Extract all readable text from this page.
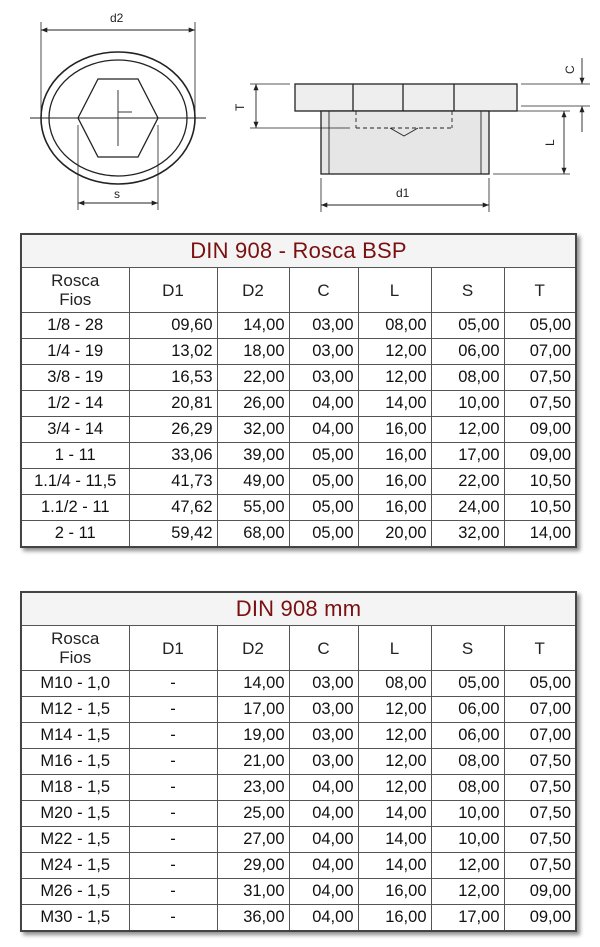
d2
s
T
C
L
d1
DIN 908 - Rosca BSP						

Rosca
Fios	D1	D2	C	L	S	T
1/8 - 28	09,60	14,00	03,00	08,00	05,00	05,00
1/4 - 19	13,02	18,00	03,00	12,00	06,00	07,00
3/8 - 19	16,53	22,00	03,00	12,00	08,00	07,50
1/2 - 14	20,81	26,00	04,00	14,00	10,00	07,50
3/4 - 14	26,29	32,00	04,00	16,00	12,00	09,00
1 - 11	33,06	39,00	05,00	16,00	17,00	09,00
1.1/4 - 11,5	41,73	49,00	05,00	16,00	22,00	10,50
1.1/2 - 11	47,62	55,00	05,00	16,00	24,00	10,50
2 - 11	59,42	68,00	05,00	20,00	32,00	14,00
DIN 908 mm						

Rosca
Fios	D1	D2	C	L	S	T
M10 - 1,0	-	14,00	03,00	08,00	05,00	05,00
M12 - 1,5	-	17,00	03,00	12,00	06,00	07,00
M14 - 1,5	-	19,00	03,00	12,00	06,00	07,00
M16 - 1,5	-	21,00	03,00	12,00	08,00	07,50
M18 - 1,5	-	23,00	04,00	12,00	08,00	07,50
M20 - 1,5	-	25,00	04,00	14,00	10,00	07,50
M22 - 1,5	-	27,00	04,00	14,00	10,00	07,50
M24 - 1,5	-	29,00	04,00	14,00	12,00	07,50
M26 - 1,5	-	31,00	04,00	16,00	12,00	09,00
M30 - 1,5	-	36,00	04,00	16,00	17,00	09,00
